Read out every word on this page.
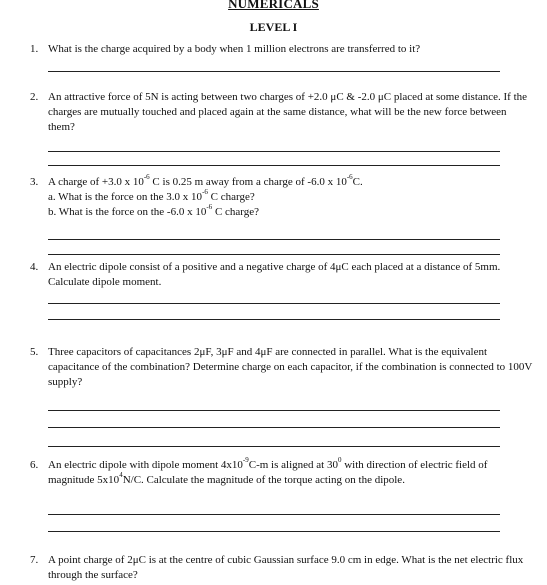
NUMERICALS
LEVEL I
1. What is the charge acquired by a body when 1 million electrons are transferred to it?
2. An attractive force of 5N is acting between two charges of +2.0 μC & -2.0 μC placed at some distance. If the charges are mutually touched and placed again at the same distance, what will be the new force between them?
3. A charge of +3.0 x $10^{-6}$ C is 0.25 m away from a charge of -6.0 x $10^{-6}C$.
a. What is the force on the 3.0 x $10^{-6}$ C charge?
b. What is the force on the -6.0 x $10^{-6}$ C charge?
4. An electric dipole consist of a positive and a negative charge of 4μC each placed at a distance of 5mm. Calculate dipole moment.
5. Three capacitors of capacitances 2μF, 3μF and 4μF are connected in parallel. What is the equivalent capacitance of the combination? Determine charge on each capacitor, if the combination is connected to 100V supply?
6. An electric dipole with dipole moment $4x10^{-9}C-m$ is aligned at $30^0$ with direction of electric field of magnitude $5x10^4N/C$. Calculate the magnitude of the torque acting on the dipole.
7. A point charge of 2μC is at the centre of cubic Gaussian surface 9.0 cm in edge. What is the net electric flux through the surface?
